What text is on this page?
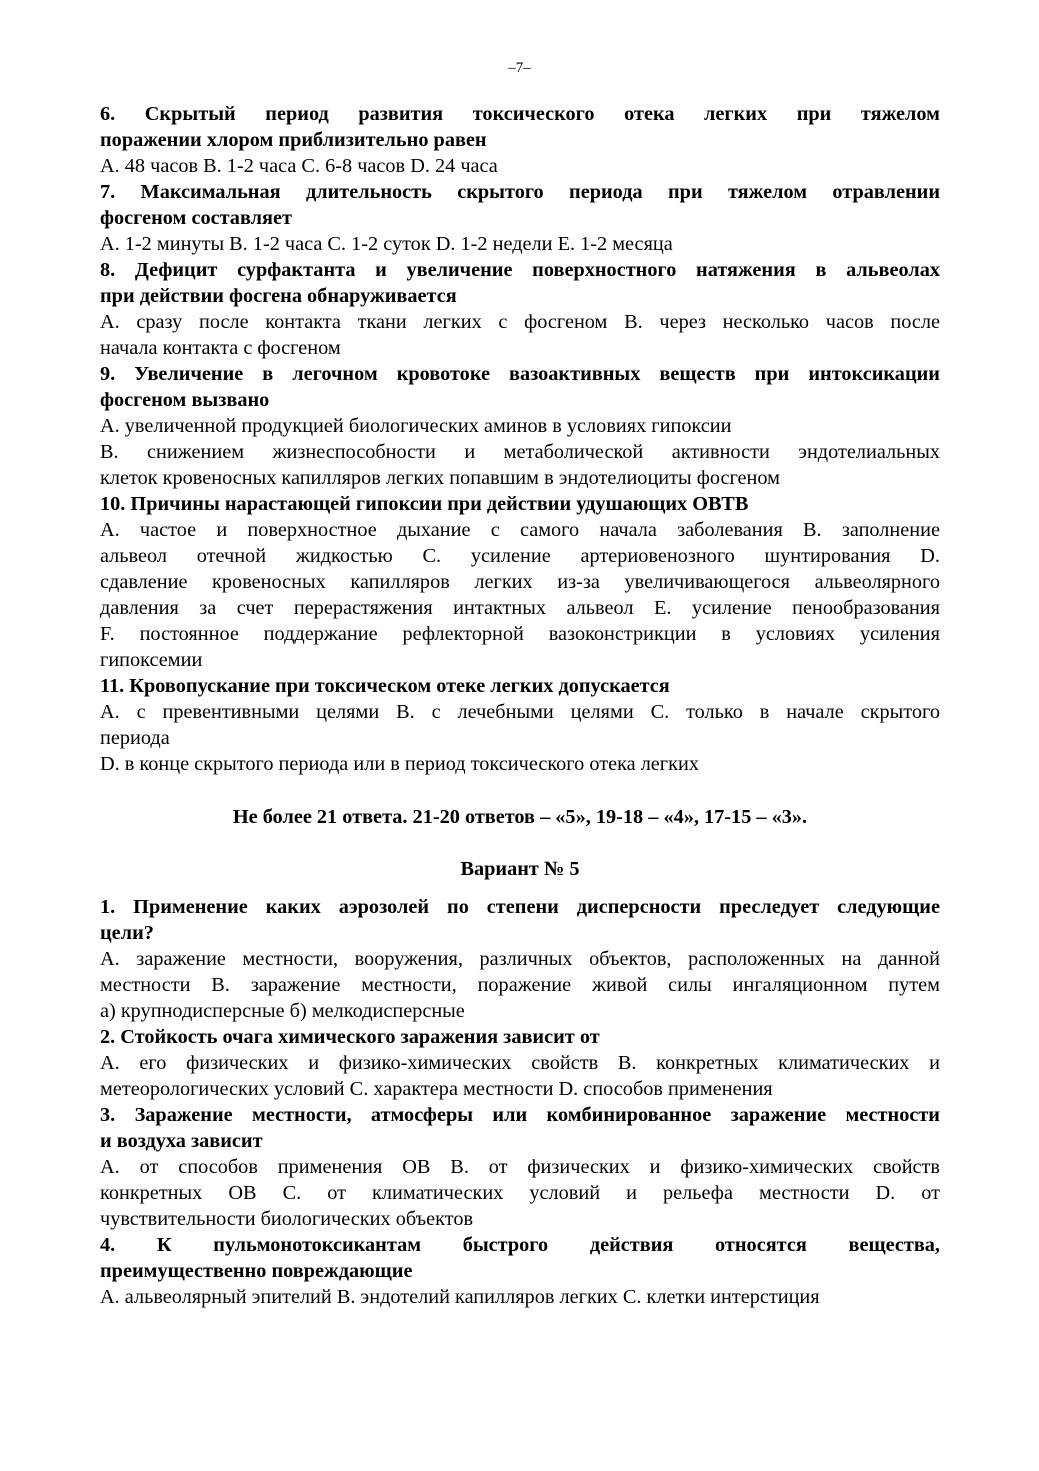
–7–

6. Скрытый период развития токсического отека легких при тяжелом

поражении хлором приблизительно равен

A. 48 часов B. 1-2 часа C. 6-8 часов D. 24 часа

7. Максимальная длительность скрытого периода при тяжелом отравлении

фосгеном составляет

A. 1-2 минуты B. 1-2 часа C. 1-2 суток D. 1-2 недели E. 1-2 месяца

8. Дефицит сурфактанта и увеличение поверхностного натяжения в альвеолах

при действии фосгена обнаруживается

A. сразу после контакта ткани легких с фосгеном B. через несколько часов после

начала контакта с фосгеном

9. Увеличение в легочном кровотоке вазоактивных веществ при интоксикации

фосгеном вызвано

A. увеличенной продукцией биологических аминов в условиях гипоксии

B. снижением жизнеспособности и метаболической активности эндотелиальных

клеток кровеносных капилляров легких попавшим в эндотелиоциты фосгеном

10. Причины нарастающей гипоксии при действии удушающих ОВТВ

A. частое и поверхностное дыхание с самого начала заболевания B. заполнение

альвеол отечной жидкостью C. усиление артериовенозного шунтирования D.

сдавление кровеносных капилляров легких из-за увеличивающегося альвеолярного

давления за счет перерастяжения интактных альвеол E. усиление пенообразования

F. постоянное поддержание рефлекторной вазоконстрикции в условиях усиления

гипоксемии

11. Кровопускание при токсическом отеке легких допускается

A. с превентивными целями B. с лечебными целями C. только в начале скрытого

периода

D. в конце скрытого периода или в период токсического отека легких

Не более 21 ответа. 21-20 ответов – «5», 19-18 – «4», 17-15 – «3».

Вариант № 5

1. Применение каких аэрозолей по степени дисперсности преследует следующие

цели?

A. заражение местности, вооружения, различных объектов, расположенных на данной

местности B. заражение местности, поражение живой силы ингаляционном путем

а) крупнодисперсные б) мелкодисперсные

2. Стойкость очага химического заражения зависит от

A. его физических и физико-химических свойств B. конкретных климатических и

метеорологических условий C. характера местности D. способов применения

3. Заражение местности, атмосферы или комбинированное заражение местности

и воздуха зависит

A. от способов применения ОВ B. от физических и физико-химических свойств

конкретных ОВ C. от климатических условий и рельефа местности D. от

чувствительности биологических объектов

4. К пульмонотоксикантам быстрого действия относятся вещества,

преимущественно повреждающие

A. альвеолярный эпителий B. эндотелий капилляров легких C. клетки интерстиция
